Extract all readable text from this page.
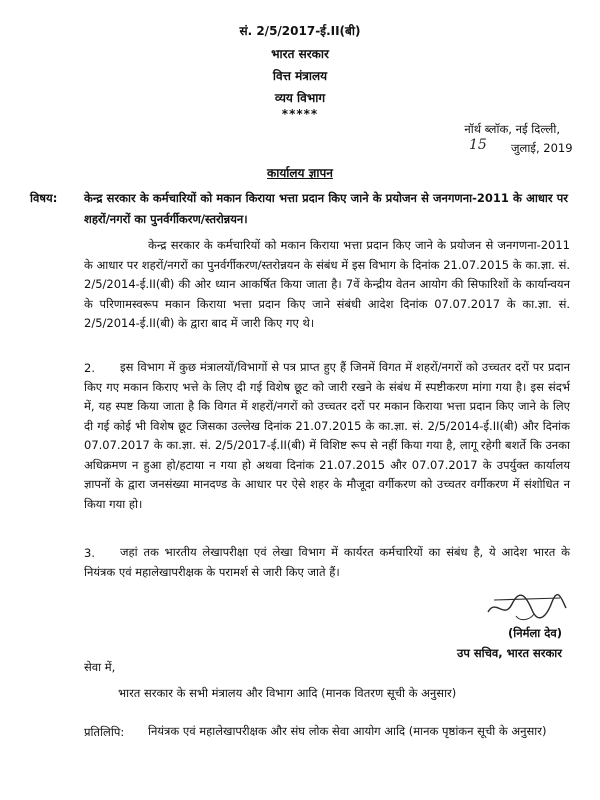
सं. 2/5/2017-ई.II(बी)
भारत सरकार
वित्त मंत्रालय
व्यय विभाग
*****
नॉर्थ ब्लॉक, नई दिल्ली,
15 जुलाई, 2019
कार्यालय ज्ञापन
विषय: केन्द्र सरकार के कर्मचारियों को मकान किराया भत्ता प्रदान किए जाने के प्रयोजन से जनगणना-2011 के आधार पर शहरों/नगरों का पुनर्वर्गीकरण/स्तरोन्नयन।
केन्द्र सरकार के कर्मचारियों को मकान किराया भत्ता प्रदान किए जाने के प्रयोजन से जनगणना-2011 के आधार पर शहरों/नगरों का पुनर्वर्गीकरण/स्तरोन्नयन के संबंध में इस विभाग के दिनांक 21.07.2015 के का.ज्ञा. सं. 2/5/2014-ई.II(बी) की ओर ध्यान आकर्षित किया जाता है। 7वें केन्द्रीय वेतन आयोग की सिफारिशों के कार्यान्वयन के परिणामस्वरूप मकान किराया भत्ता प्रदान किए जाने संबंधी आदेश दिनांक 07.07.2017 के का.ज्ञा. सं. 2/5/2014-ई.II(बी) के द्वारा बाद में जारी किए गए थे।
2.	इस विभाग में कुछ मंत्रालयों/विभागों से पत्र प्राप्त हुए हैं जिनमें विगत में शहरों/नगरों को उच्चतर दरों पर प्रदान किए गए मकान किराए भत्ते के लिए दी गई विशेष छूट को जारी रखने के संबंध में स्पष्टीकरण मांगा गया है। इस संदर्भ में, यह स्पष्ट किया जाता है कि विगत में शहरों/नगरों को उच्चतर दरों पर मकान किराया भत्ता प्रदान किए जाने के लिए दी गई कोई भी विशेष छूट जिसका उल्लेख दिनांक 21.07.2015 के का.ज्ञा. सं. 2/5/2014-ई.II(बी) और दिनांक 07.07.2017 के का.ज्ञा. सं. 2/5/2017-ई.II(बी) में विशिष्ट रूप से नहीं किया गया है, लागू रहेगी बशर्ते कि उनका अधिक्रमण न हुआ हो/हटाया न गया हो अथवा दिनांक 21.07.2015 और 07.07.2017 के उपर्युक्त कार्यालय ज्ञापनों के द्वारा जनसंख्या मानदण्ड के आधार पर ऐसे शहर के मौजूदा वर्गीकरण को उच्चतर वर्गीकरण में संशोधित न किया गया हो।
3.	जहां तक भारतीय लेखापरीक्षा एवं लेखा विभाग में कार्यरत कर्मचारियों का संबंध है, ये आदेश भारत के नियंत्रक एवं महालेखापरीक्षक के परामर्श से जारी किए जाते हैं।
(निर्मला देव)
उप सचिव, भारत सरकार
सेवा में,
भारत सरकार के सभी मंत्रालय और विभाग आदि (मानक वितरण सूची के अनुसार)
प्रतिलिपि: नियंत्रक एवं महालेखापरीक्षक और संघ लोक सेवा आयोग आदि (मानक पृष्ठांकन सूची के अनुसार)
